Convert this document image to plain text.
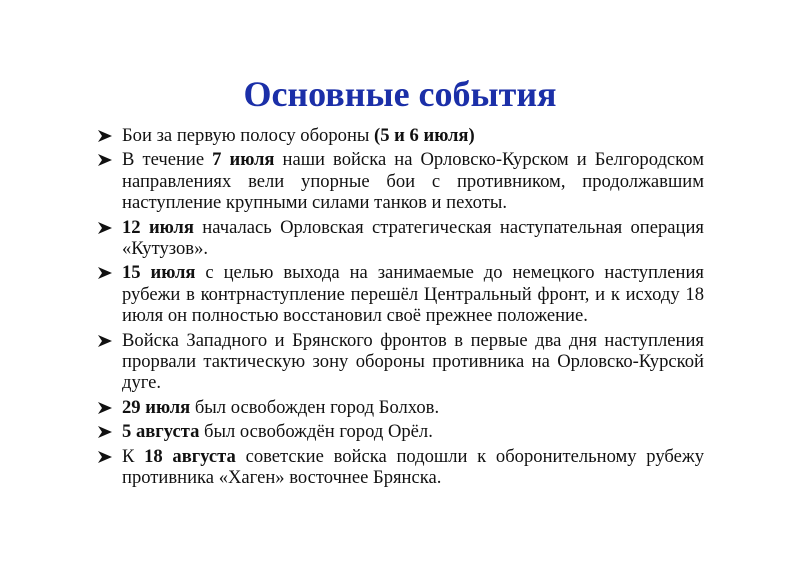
Основные события
Бои за первую полосу обороны (5 и 6 июля)
В течение 7 июля наши войска на Орловско-Курском и Белгородском направлениях вели упорные бои с противником, продолжавшим наступление крупными силами танков и пехоты.
12 июля началась Орловская стратегическая наступательная операция «Кутузов».
15 июля с целью выхода на занимаемые до немецкого наступления рубежи в контрнаступление перешёл Центральный фронт, и к исходу 18 июля он полностью восстановил своё прежнее положение.
Войска Западного и Брянского фронтов в первые два дня наступления прорвали тактическую зону обороны противника на Орловско-Курской дуге.
29 июля был освобожден город Болхов.
5 августа был освобождён город Орёл.
К 18 августа советские войска подошли к оборонительному рубежу противника «Хаген» восточнее Брянска.
